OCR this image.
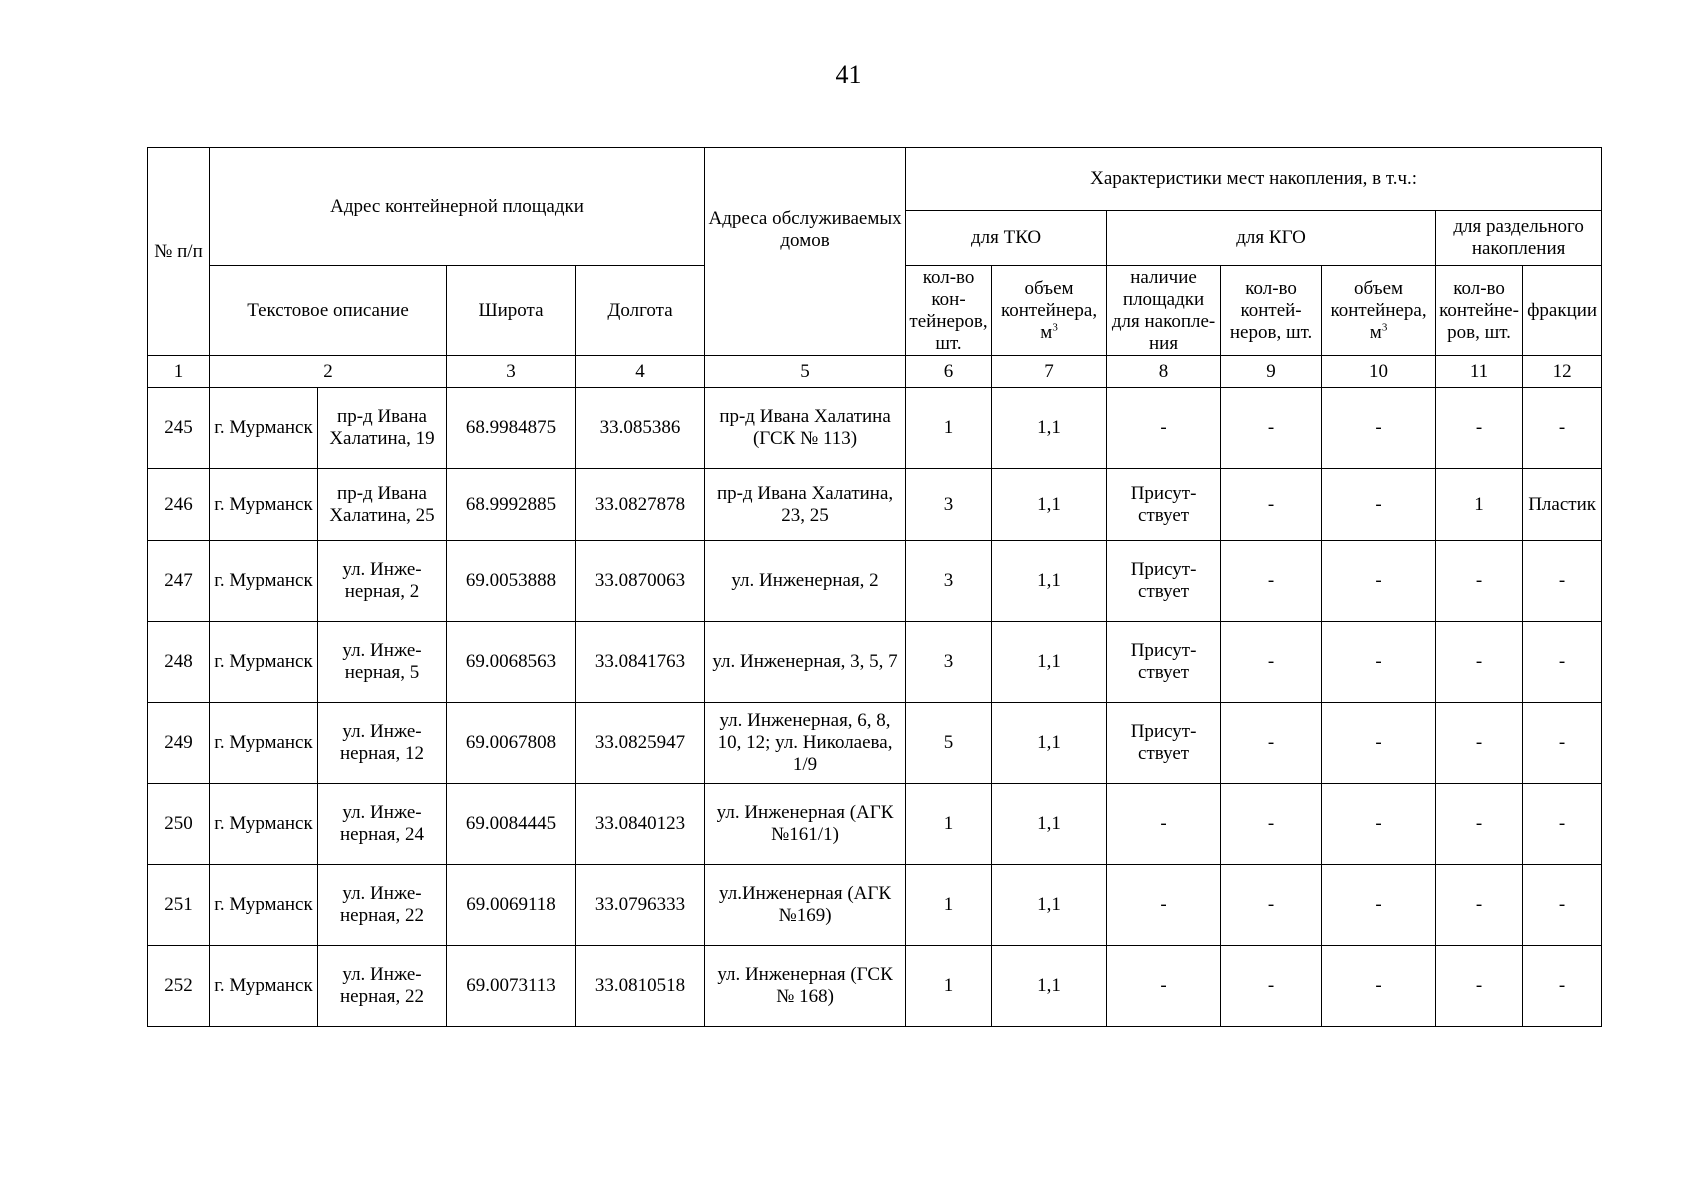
41
№ п/п	Адрес контейнерной площадки				Адреса обслуживаемых домов	Характеристики мест накопления, в т.ч.:						
						для ТКО		для КГО			для раздельного накопления	
						кол-во контейнеров, шт.	объем контейнера, $м^3$	наличие площадки для накопления	кол-во контейнеров, шт.	объем контейнера, $м^3$	кол-во контейнеров, шт.	фракции
	Текстовое описание		Широта	Долгота								
1	2		3	4	5	6	7	8	9	10	11	12
245	г. Мурманск	пр-д Ивана Халатина, 19	68.9984875	33.085386	пр-д Ивана Халатина (ГСК № 113)	1	1,1	-	-	-	-	-
246	г. Мурманск	пр-д Ивана Халатина, 25	68.9992885	33.0827878	пр-д Ивана Халатина, 23, 25	3	1,1	Присутствует	-	-	1	Пластик
247	г. Мурманск	ул. Инженерная, 2	69.0053888	33.0870063	ул. Инженерная, 2	3	1,1	Присутствует	-	-	-	-
248	г. Мурманск	ул. Инженерная, 5	69.0068563	33.0841763	ул. Инженерная, 3, 5, 7	3	1,1	Присутствует	-	-	-	-
249	г. Мурманск	ул. Инженерная, 12	69.0067808	33.0825947	ул. Инженерная, 6, 8, 10, 12; ул. Николаева, 1/9	5	1,1	Присутствует	-	-	-	-
250	г. Мурманск	ул. Инженерная, 24	69.0084445	33.0840123	ул. Инженерная (АГК №161/1)	1	1,1	-	-	-	-	-
251	г. Мурманск	ул. Инженерная, 22	69.0069118	33.0796333	ул.Инженерная (АГК №169)	1	1,1	-	-	-	-	-
252	г. Мурманск	ул. Инженерная, 22	69.0073113	33.0810518	ул. Инженерная (ГСК № 168)	1	1,1	-	-	-	-	-
